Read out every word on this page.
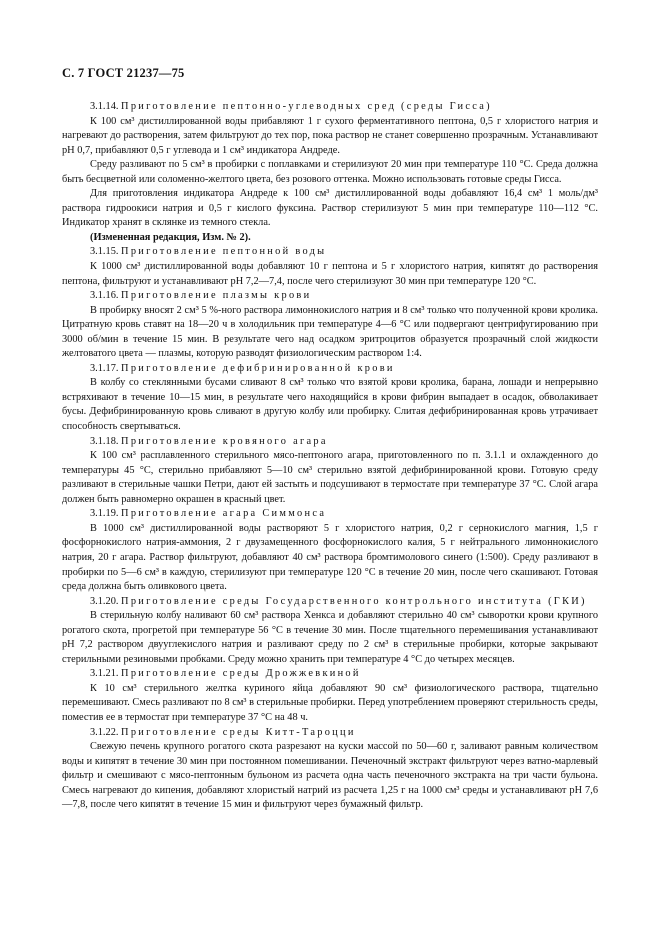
С. 7 ГОСТ 21237—75

3.1.14. Приготовление пептонно-углеводных сред (среды Гисса)

К 100 см³ дистиллированной воды прибавляют 1 г сухого ферментативного пептона, 0,5 г хлористого натрия и нагревают до растворения, затем фильтруют до тех пор, пока раствор не станет совершенно прозрачным. Устанавливают рН 0,7, прибавляют 0,5 г углевода и 1 см³ индикатора Андреде.

Среду разливают по 5 см³ в пробирки с поплавками и стерилизуют 20 мин при температуре 110 °С. Среда должна быть бесцветной или соломенно-желтого цвета, без розового оттенка. Можно использовать готовые среды Гисса.

Для приготовления индикатора Андреде к 100 см³ дистиллированной воды добавляют 16,4 см³ 1 моль/дм³ раствора гидроокиси натрия и 0,5 г кислого фуксина. Раствор стерилизуют 5 мин при температуре 110—112 °С. Индикатор хранят в склянке из темного стекла.

(Измененная редакция, Изм. № 2).

3.1.15. Приготовление пептонной воды

К 1000 см³ дистиллированной воды добавляют 10 г пептона и 5 г хлористого натрия, кипятят до растворения пептона, фильтруют и устанавливают рН 7,2—7,4, после чего стерилизуют 30 мин при температуре 120 °С.

3.1.16. Приготовление плазмы крови

В пробирку вносят 2 см³ 5 %-ного раствора лимоннокислого натрия и 8 см³ только что полученной крови кролика. Цитратную кровь ставят на 18—20 ч в холодильник при температуре 4—6 °С или подвергают центрифугированию при 3000 об/мин в течение 15 мин. В результате чего над осадком эритроцитов образуется прозрачный слой жидкости желтоватого цвета — плазмы, которую разводят физиологическим раствором 1:4.

3.1.17. Приготовление дефибринированной крови

В колбу со стеклянными бусами сливают 8 см³ только что взятой крови кролика, барана, лошади и непрерывно встряхивают в течение 10—15 мин, в результате чего находящийся в крови фибрин выпадает в осадок, обволакивает бусы. Дефибринированную кровь сливают в другую колбу или пробирку. Слитая дефибринированная кровь утрачивает способность свертываться.

3.1.18. Приготовление кровяного агара

К 100 см³ расплавленного стерильного мясо-пептоного агара, приготовленного по п. 3.1.1 и охлажденного до температуры 45 °С, стерильно прибавляют 5—10 см³ стерильно взятой дефибринированной крови. Готовую среду разливают в стерильные чашки Петри, дают ей застыть и подсушивают в термостате при температуре 37 °С. Слой агара должен быть равномерно окрашен в красный цвет.

3.1.19. Приготовление агара Симмонса

В 1000 см³ дистиллированной воды растворяют 5 г хлористого натрия, 0,2 г сернокислого магния, 1,5 г фосфорнокислого натрия-аммония, 2 г двузамещенного фосфорнокислого калия, 5 г нейтрального лимоннокислого натрия, 20 г агара. Раствор фильтруют, добавляют 40 см³ раствора бромтимолового синего (1:500). Среду разливают в пробирки по 5—6 см³ в каждую, стерилизуют при температуре 120 °С в течение 20 мин, после чего скашивают. Готовая среда должна быть оливкового цвета.

3.1.20. Приготовление среды Государственного контрольного института (ГКИ)

В стерильную колбу наливают 60 см³ раствора Хенкса и добавляют стерильно 40 см³ сыворотки крови крупного рогатого скота, прогретой при температуре 56 °С в течение 30 мин. После тщательного перемешивания устанавливают рН 7,2 раствором двууглекислого натрия и разливают среду по 2 см³ в стерильные пробирки, которые закрывают стерильными резиновыми пробками. Среду можно хранить при температуре 4 °С до четырех месяцев.

3.1.21. Приготовление среды Дрожжевкиной

К 10 см³ стерильного желтка куриного яйца добавляют 90 см³ физиологического раствора, тщательно перемешивают. Смесь разливают по 8 см³ в стерильные пробирки. Перед употреблением проверяют стерильность среды, поместив ее в термостат при температуре 37 °С на 48 ч.

3.1.22. Приготовление среды Китт-Тароцци

Свежую печень крупного рогатого скота разрезают на куски массой по 50—60 г, заливают равным количеством воды и кипятят в течение 30 мин при постоянном помешивании. Печеночный экстракт фильтруют через ватно-марлевый фильтр и смешивают с мясо-пептонным бульоном из расчета одна часть печеночного экстракта на три части бульона. Смесь нагревают до кипения, добавляют хлористый натрий из расчета 1,25 г на 1000 см³ среды и устанавливают рН 7,6—7,8, после чего кипятят в течение 15 мин и фильтруют через бумажный фильтр.
